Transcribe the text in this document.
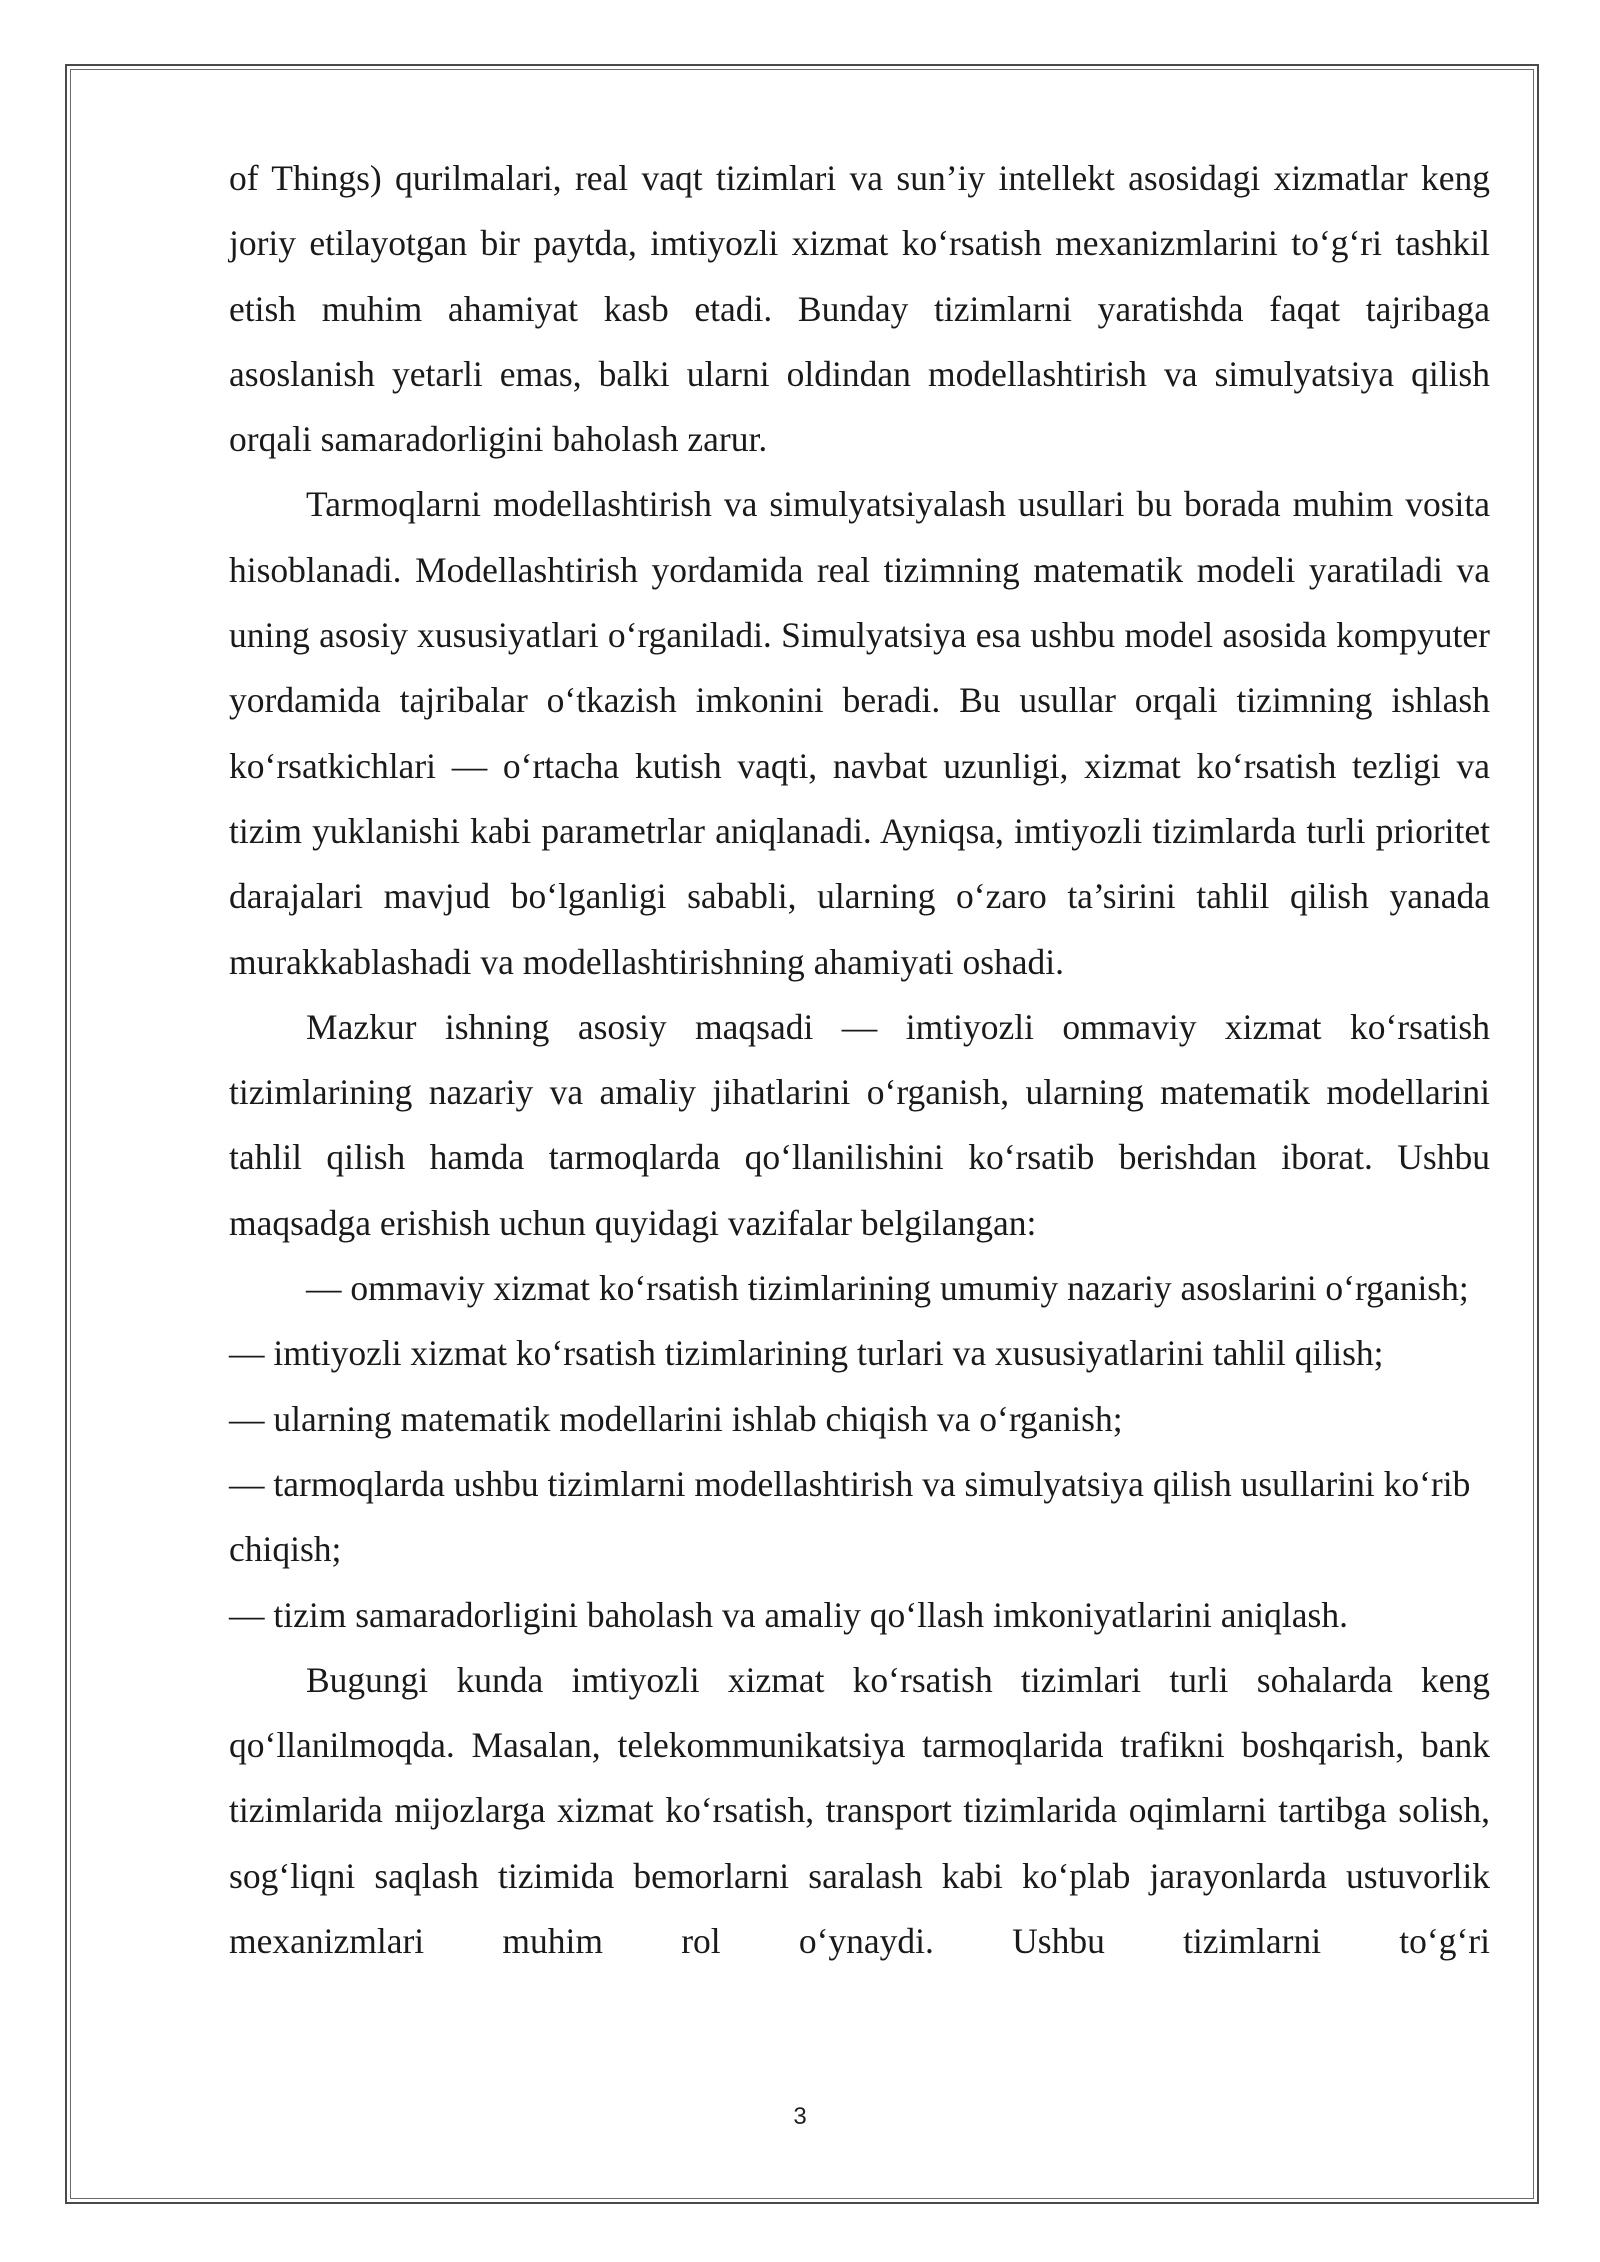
of Things) qurilmalari, real vaqt tizimlari va sun’iy intellekt asosidagi xizmatlar keng joriy etilayotgan bir paytda, imtiyozli xizmat ko‘rsatish mexanizmlarini to‘g‘ri tashkil etish muhim ahamiyat kasb etadi. Bunday tizimlarni yaratishda faqat tajribaga asoslanish yetarli emas, balki ularni oldindan modellashtirish va simulyatsiya qilish orqali samaradorligini baholash zarur.

Tarmoqlarni modellashtirish va simulyatsiyalash usullari bu borada muhim vosita hisoblanadi. Modellashtirish yordamida real tizimning matematik modeli yaratiladi va uning asosiy xususiyatlari o‘rganiladi. Simulyatsiya esa ushbu model asosida kompyuter yordamida tajribalar o‘tkazish imkonini beradi. Bu usullar orqali tizimning ishlash ko‘rsatkichlari — o‘rtacha kutish vaqti, navbat uzunligi, xizmat ko‘rsatish tezligi va tizim yuklanishi kabi parametrlar aniqlanadi. Ayniqsa, imtiyozli tizimlarda turli prioritet darajalari mavjud bo‘lganligi sababli, ularning o‘zaro ta’sirini tahlil qilish yanada murakkablashadi va modellashtirishning ahamiyati oshadi.

Mazkur ishning asosiy maqsadi — imtiyozli ommaviy xizmat ko‘rsatish tizimlarining nazariy va amaliy jihatlarini o‘rganish, ularning matematik modellarini tahlil qilish hamda tarmoqlarda qo‘llanilishini ko‘rsatib berishdan iborat. Ushbu maqsadga erishish uchun quyidagi vazifalar belgilangan:

— ommaviy xizmat ko‘rsatish tizimlarining umumiy nazariy asoslarini o‘rganish;

— imtiyozli xizmat ko‘rsatish tizimlarining turlari va xususiyatlarini tahlil qilish;

— ularning matematik modellarini ishlab chiqish va o‘rganish;

— tarmoqlarda ushbu tizimlarni modellashtirish va simulyatsiya qilish usullarini ko‘rib chiqish;

— tizim samaradorligini baholash va amaliy qo‘llash imkoniyatlarini aniqlash.

Bugungi kunda imtiyozli xizmat ko‘rsatish tizimlari turli sohalarda keng qo‘llanilmoqda. Masalan, telekommunikatsiya tarmoqlarida trafikni boshqarish, bank tizimlarida mijozlarga xizmat ko‘rsatish, transport tizimlarida oqimlarni tartibga solish, sog‘liqni saqlash tizimida bemorlarni saralash kabi ko‘plab jarayonlarda ustuvorlik mexanizmlari muhim rol o‘ynaydi. Ushbu tizimlarni to‘g‘ri

3
